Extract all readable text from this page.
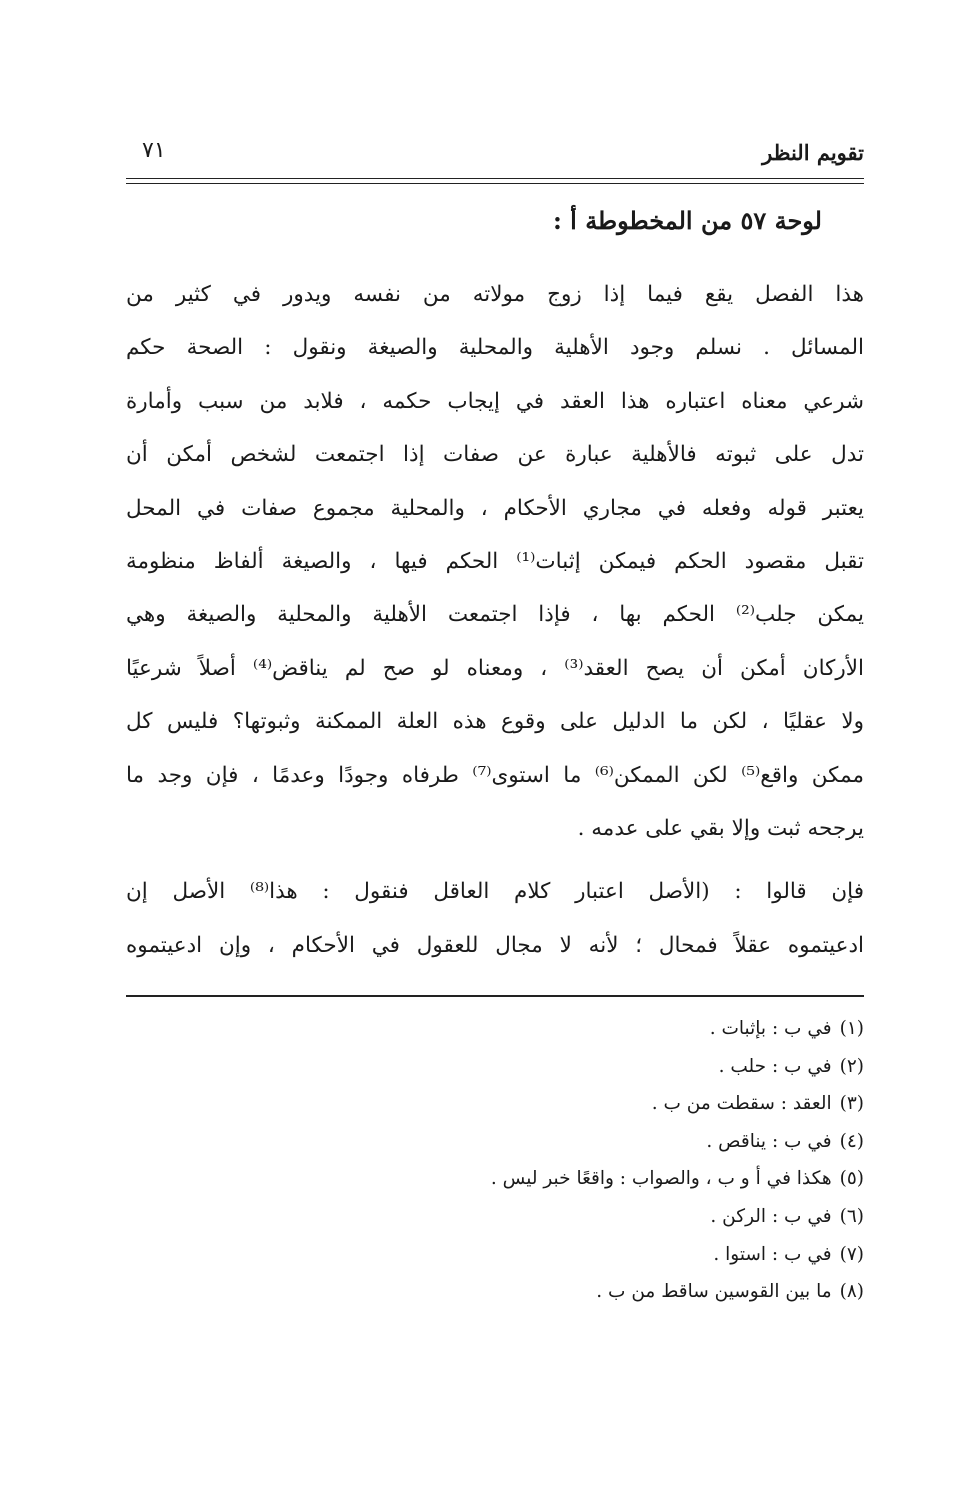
تقويم النظر
٧١
لوحة ٥٧ من المخطوطة أ :
هذا الفصل يقع فيما إذا زوج مولاته من نفسه ويدور في كثير من
المسائل . نسلم وجود الأهلية والمحلية والصيغة ونقول : الصحة حكم
شرعي معناه اعتباره هذا العقد في إيجاب حكمه ، فلابد من سبب وأمارة
تدل على ثبوته فالأهلية عبارة عن صفات إذا اجتمعت لشخص أمكن أن
يعتبر قوله وفعله في مجاري الأحكام ، والمحلية مجموع صفات في المحل
تقبل مقصود الحكم فيمكن إثبات⁽¹⁾ الحكم فيها ، والصيغة ألفاظ منظومة
يمكن جلب⁽²⁾ الحكم بها ، فإذا اجتمعت الأهلية والمحلية والصيغة وهي
الأركان أمكن أن يصح العقد⁽³⁾ ، ومعناه لو صح لم يناقض⁽⁴⁾ أصلاً شرعيًا
ولا عقليًا ، لكن ما الدليل على وقوع هذه العلة الممكنة وثبوتها؟ فليس كل
ممكن واقع⁽⁵⁾ لكن الممكن⁽⁶⁾ ما استوى⁽⁷⁾ طرفاه وجودًا وعدمًا ، فإن وجد ما
يرجحه ثبت وإلا بقي على عدمه .
فإن قالوا : (الأصل اعتبار كلام العاقل فنقول : هذا⁽⁸⁾ الأصل إن
ادعيتموه عقلاً فمحال ؛ لأنه لا مجال للعقول في الأحكام ، وإن ادعيتموه
(١)في ب : بإثبات .
(٢)في ب : حلب .
(٣)العقد : سقطت من ب .
(٤)في ب : يناقص .
(٥)هكذا في أ و ب ، والصواب : واقعًا خبر ليس .
(٦)في ب : الركن .
(٧)في ب : استوا .
(٨)ما بين القوسين ساقط من ب .
